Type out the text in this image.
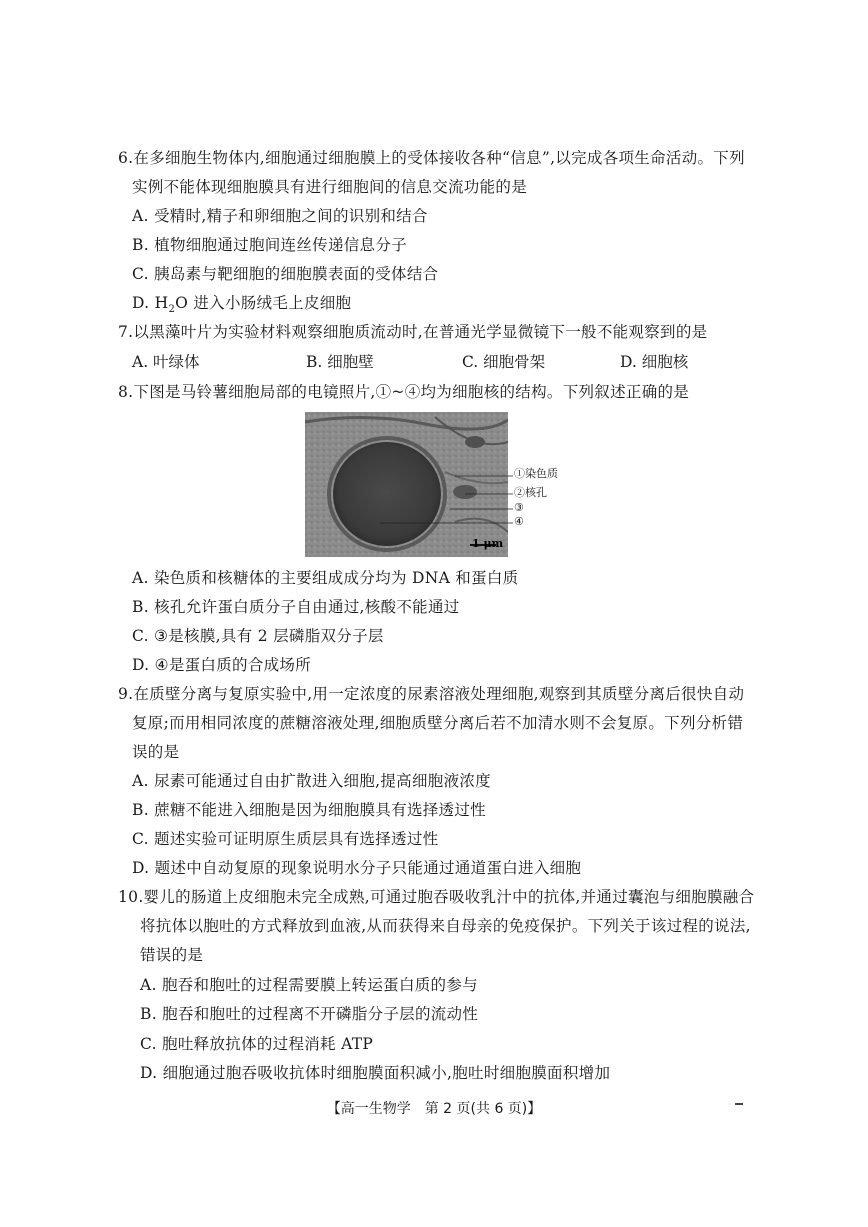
6.在多细胞生物体内,细胞通过细胞膜上的受体接收各种“信息”,以完成各项生命活动。下列
实例不能体现细胞膜具有进行细胞间的信息交流功能的是
A. 受精时,精子和卵细胞之间的识别和结合
B. 植物细胞通过胞间连丝传递信息分子
C. 胰岛素与靶细胞的细胞膜表面的受体结合
D. $H_2O$ 进入小肠绒毛上皮细胞
7.以黑藻叶片为实验材料观察细胞质流动时,在普通光学显微镜下一般不能观察到的是
A. 叶绿体	B. 细胞壁	C. 细胞骨架	D. 细胞核
8.下图是马铃薯细胞局部的电镜照片,①~④均为细胞核的结构。下列叙述正确的是
①染色质
②核孔
③
④
1 μm
A. 染色质和核糖体的主要组成成分均为 DNA 和蛋白质
B. 核孔允许蛋白质分子自由通过,核酸不能通过
C. ③是核膜,具有 2 层磷脂双分子层
D. ④是蛋白质的合成场所
9.在质壁分离与复原实验中,用一定浓度的尿素溶液处理细胞,观察到其质壁分离后很快自动
复原;而用相同浓度的蔗糖溶液处理,细胞质壁分离后若不加清水则不会复原。下列分析错
误的是
A. 尿素可能通过自由扩散进入细胞,提高细胞液浓度
B. 蔗糖不能进入细胞是因为细胞膜具有选择透过性
C. 题述实验可证明原生质层具有选择透过性
D. 题述中自动复原的现象说明水分子只能通过通道蛋白进入细胞
10.婴儿的肠道上皮细胞未完全成熟,可通过胞吞吸收乳汁中的抗体,并通过囊泡与细胞膜融合
将抗体以胞吐的方式释放到血液,从而获得来自母亲的免疫保护。下列关于该过程的说法,
错误的是
A. 胞吞和胞吐的过程需要膜上转运蛋白质的参与
B. 胞吞和胞吐的过程离不开磷脂分子层的流动性
C. 胞吐释放抗体的过程消耗 ATP
D. 细胞通过胞吞吸收抗体时细胞膜面积减小,胞吐时细胞膜面积增加
【高一生物学　第 2 页(共 6 页)】
